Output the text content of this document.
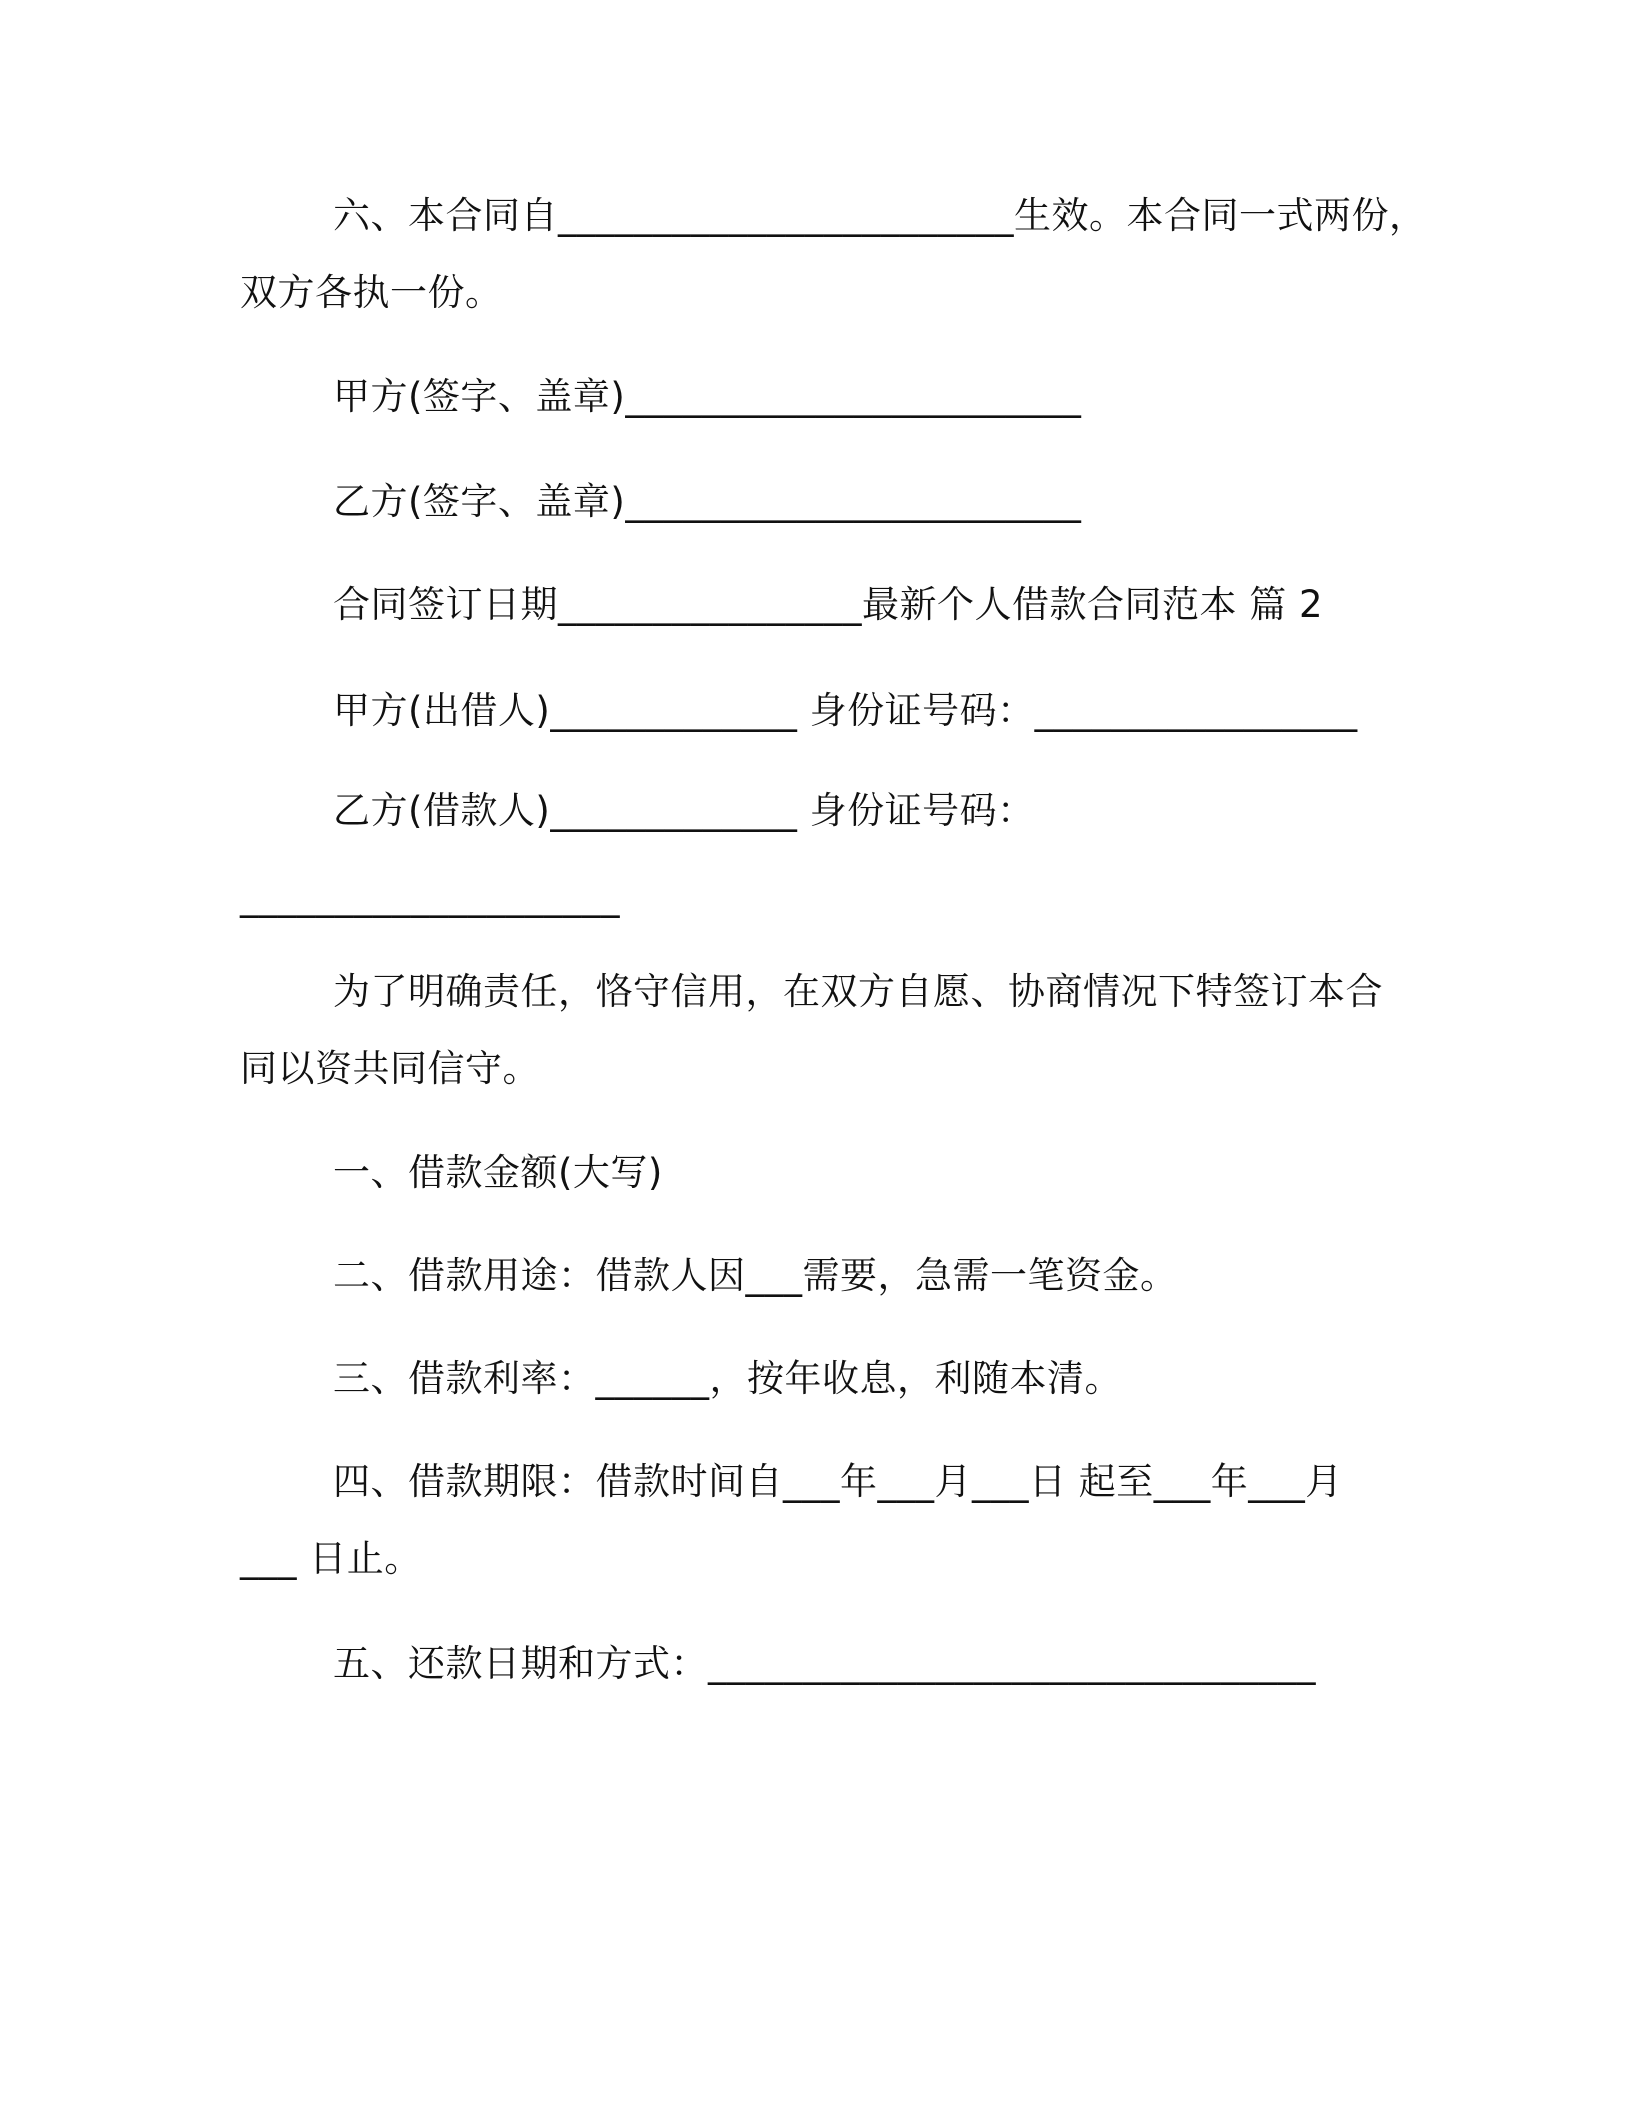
六、本合同自________________________生效。本合同一式两份，
双方各执一份。
甲方(签字、盖章)________________________
乙方(签字、盖章)________________________
合同签订日期________________最新个人借款合同范本 篇 2
甲方(出借人)_____________ 身份证号码：_________________
乙方(借款人)_____________ 身份证号码：
____________________
为了明确责任，恪守信用，在双方自愿、协商情况下特签订本合
同以资共同信守。
一、借款金额(大写)
二、借款用途：借款人因___需要，急需一笔资金。
三、借款利率：______，按年收息，利随本清。
四、借款期限：借款时间自___年___月___日 起至___年___月
___ 日止。
五、还款日期和方式：________________________________
